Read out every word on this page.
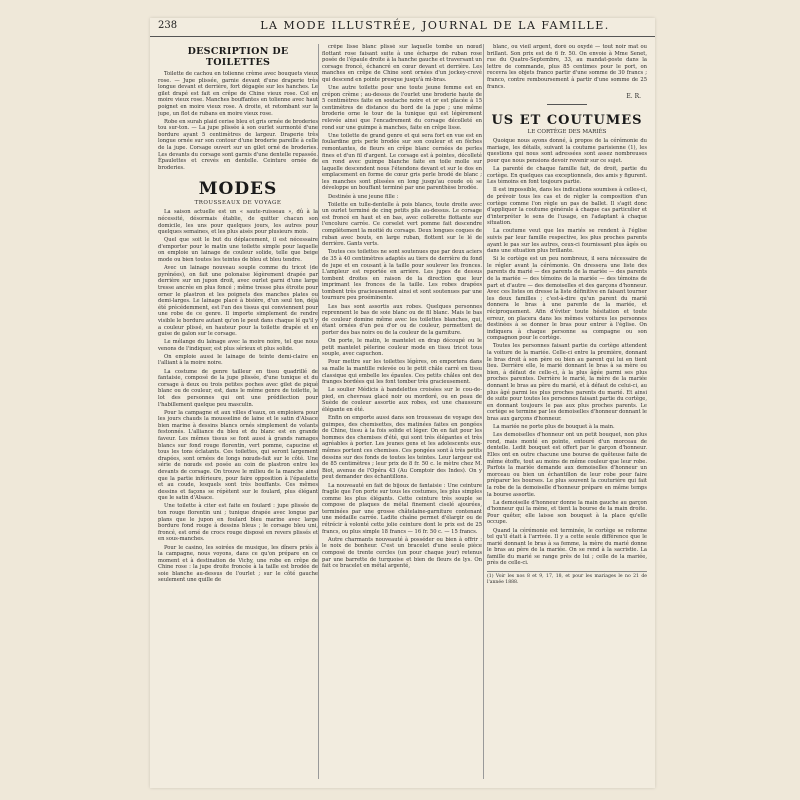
238	LA MODE ILLUSTRÉE, JOURNAL DE LA FAMILLE.
DESCRIPTION DE TOILETTES

Toilette de cachou en tolienne crème avec bouquets vieux rose. — Jupe plissée, garnie devant d'une draperie très longue devant et derrière, fort dégagée sur les hanches. Le gilet drapé est fait en crêpe de Chine vieux rose. Col en moire vieux rose. Manches bouffantes en tolienne avec haut poignet en moire vieux rose. A droite, et retombant sur la jupe, un flot de rubans en moire vieux rose.

Robe en surah plaid cerise bleu et gris ornée de broderies tou sur-ton. — La jupe plissée à son ourlet surmonté d'une bordure ayant 5 centimètres de largeur. Draperie très longue ornée sur son contour d'une broderie pareille à celle de la jupe. Corsage ouvert sur un gilet orné de broderies. Les devants du corsage sont garnis d'une dentelle repassée. Épaulettes et crevés en dentelle. Ceinture ornée de broderies.

MODES
TROUSSEAUX DE VOYAGE

La saison actuelle est un « saute-ruisseau », dû à la nécessité, désormais établie, de quitter chacun son domicile, les uns pour quelques jours, les autres pour quelques semaines, et les plus aisés pour plusieurs mois.

Quel que soit le but du déplacement, il est nécessaire d'emporter pour le matin une toilette simple pour laquelle on emploie un lainage de couleur solide, telle que beige mode ou bien toutes les teintes de bleu et bleu tendre.

Avec un lainage nouveau souple comme du tricot (de pyrénées), on fait une polonaise légèrement drapée par derrière sur un jupon droit, avec ourlet garni d'une large tresse ancrée en plus foncé ; même tresse plus étroite pour orner le plastron et les poignets des manches plates ou demi-larges. Le lainage placé à bisière, d'un seul ton, déjà été précédemment, est l'un des tissus qui conviennent pour une robe de ce genre. Il importe simplement de rendre visible le bordure autant qu'on le peut dans chaque lé qu'il y a couleur plissé, en hauteur pour la toilette drapée et en guise de galon sur le corsage.

Le mélange du lainage avec la moire noire, tel que nous venons de l'indiquer, est plus sérieux et plus solide.

On emploie aussi le lainage de teinte demi-claire en l'alliant à la moire noire.

La costume de genre tailleur en tissu quadrillé de fantaisie, composé de la jupe plissée, d'une tunique et du corsage à deux ou trois petites poches avec gilet de piqué blanc ou de couleur, est, dans le même genre de toilette, le lot des personnes qui ont une prédilection pour l'habillement quelque peu masculin.

Pour la campagne et aux villes d'eaux, on emploiera pour les jours chauds la mousseline de laine et le satin d'Alsace bien marine à dessins blancs ornés simplement de volants festonnés. L'alliance du bleu et du blanc est en grande faveur. Les mêmes tissus se font aussi à grands ramages blancs sur fond rouge florentin, vert pomme, capucine et tous les tons éclatants. Ces toilettes, qui seront largement drapées, sont ornées de longs nœuds-fait sur le côté. Une série de nœuds est posée au coin de plastron entre les devants de corsage. On trouve le milieu de la manche ainsi que la partie inférieure, pour faire opposition à l'épaulette et au coude, lesquels sont très bouffants. Ces mêmes dessins et façons se répètent sur le foulard, plus élégant que le satin d'Alsace.

Une toilette à citer est faite en foulard : jupe plissée de ton rouge florentin uni ; tunique drapée avec longue par plans que le jupon en foulard bleu marine avec large bordure fond rouge à dessins bleus ; le corsage bleu uni, froncé, est orné de crocs rouge disposé en revers plissés et en sous-manches.

Pour le casino, les soirées de musique, les dîners priés à la campagne, nous voyons, dans ce qu'on prépare en ce moment et à destination de Vichy, une robe en crêpe de Chine rose : la jupe droite froncée à la taille est brodée de soie blanche au-dessus de l'ourlet ; sur le côté gauche seulement une quille de

crêpe lisse blanc plissé sur laquelle tombe un nœud flottant rose faisant suite à une écharpe de ruban rose posée de l'épaule droite à la hanche gauche et traversant un corsage froncé, échancré en cœur devant et derrière. Les manches en crêpe de Chine sont ornées d'un jockey-crevé qui descend en pointe presque jusqu'à mi-bras.

Une autre toilette pour une toute jeune femme est en crépon crème ; au-dessus de l'ourlet une broderie haute de 5 centimètres faite en soutache noire et or est placée à 15 centimètres de distance du bord de la jupe ; une même broderie orne le tour de la tunique qui est légèrement relevée ainsi que l'encadrement du corsage décolleté en rond sur une guimpe à manches, faite en crêpe lisse.

Une toilette de grand genre et qui sera fort en vue est en foulardine gris perle brodée sur son couleur et en fèches remontantes, de fleurs en crêpe blanc cernées de perles fines et d'un fil d'argent. Le corsage est à pointes, décolleté en rond avec guimpe blanche faite en toile molle sur laquelle descendent nous l'étendons devant et sur le dos en emplacement en forme de cœur gris perle brodé de blanc ; les manches sont plissées en long jusqu'au coude où se développe un bouffant terminé par une parenthèse brodée.

Destinée à une jeune fille :

Toilette en tulle-dentelle à pois blancs, toute droite avec un ourlet terminé de cinq petits plis au-dessus. Le corsage est froncé en haut et en bas, avec collerette flottante sur l'encolure carrée. Ce corselet vert pomme fait descendre complètement la moitié du corsage. Deux longues coques de ruban avec bouts, en large ruban, flottent sur le lé de derrière. Gants verts.

Toutes ces toilettes ne sont soutenues que par deux aciers de 35 à 40 centimètres adaptés au tiers de derrière du fond de jupe et en cousant à la taille pour soulever les fronces. L'ampleur est reportée en arrière. Les jupes de dessus tombent droites en raison de la direction que leur imprimant les fronces de la taille. Les robes drapées tombent très gracieusement ainsi et sont soutenues par une tournure peu proéminente.

Les bas sont assortis aux robes. Quelques personnes reprennent le bas de soie blanc ou de fil blanc. Mais le bas de couleur domine même avec les toilettes blanches, qui, étant ornées d'un peu d'or ou de couleur, permettent de porter des bas noirs ou de la couleur de la garniture.

On porte, le matin, le mantelet en drap découpé ou le petit mantelet pèlerine couleur mode en tissu tricot tous souple, avec capuchon.

Pour mettre sur les toilettes légères, on emportera dans sa malle la mantille relevée ou le petit châle carré en tissu classique qui embelle les épaules. Ces petits châles ont des franges bordées qui les font tomber très gracieusement.

Le soulier Médicis à bandelettes croisées sur le cou-de-pied, en chevreau glacé noir ou mordoré, ou en peau de Suède de couleur assortie aux robes, est une chaussure élégante en été.

Enfin on emporte aussi dans son trousseau de voyage des guimpes, des chemisettes, des matinées faites en pongées de Chine, tissu à la fois solide et léger. On en fait pour les hommes des chemises d'été, qui sont très élégantes et très agréables à porter. Les jeunes gens et les adolescents eux-mêmes portent ces chemises. Ces pongées sont à très petits dessins sur des fonds de toutes les teintes. Leur largeur est de 85 centimètres ; leur prix de 8 fr. 50 c. le mètre chez M. Biot, avenue de l'Opéra 43 (Au Comptoir des Indes). On y peut demander des échantillons.

La nouveauté en fait de bijoux de fantaisie : Une ceinture fragile que l'on porte sur tous les costumes, les plus simples comme les plus élégants. Cette ceinture très souple se compose de plaques de métal finement ciselé ajourées, terminées par une grosse châtelaine-garniture contenant une médaille carrée. Ladite chaîne permet d'élargir ou de rétrécir à volonté cette jolie ceinture dont le prix est de 25 francs, ou plus simple 18 francs — 16 fr. 50 c. — 15 francs.

Autre charmants nouveauté à posséder ou bien à offrir : le noix de bonheur. C'est un bracelet d'une seule pièce composé de trente cercles (un pour chaque jour) retenus par une barrette de turquoise et bien de fleurs de lys. On fait ce bracelet en métal argenté,

blanc, ou vieil argent, doré ou oxydé — tout noir mat ou brillant. Son prix est de 6 fr. 50. On envoie à Mme Senet, rue du Quatre-Septembre, 33, au mandat-poste dans la lettre de commande, plus 85 centimes pour le port, on recevra les objets franco partir d'une somme de 30 francs ; franco, contre remboursement à partir d'une somme de 25 francs.

E. R.
US ET COUTUMES
LE CORTÈGE DES MARIÉS

Quoique nous ayons donné, à propos de la cérémonie du mariage, les détails, suivant la coutume parisienne (1), les questions qui nous sont adressées sont assez nombreuses pour que nous pensions devoir revenir sur ce sujet.

La parenté de chaque famille fait, de droit, partie du cortège. En quelques cas exceptionnels, des amis y figurent. Les témoins en font toujours partie.

Il est impossible, dans les indications soumises à celles-ci, de prévoir tous les cas et de régler la composition d'un cortège comme l'on règle un pas de ballet. Il s'agit donc d'appliquer la coutume générale à chaque cas particulier et d'interpréter le sens de l'usage, en l'adaptant à chaque situation.

La coutume veut que les mariés se rendent à l'église suivis par leur famille respective, les plus proches parents ayant le pas sur les autres, ceux-ci fournissant plus âgés ou dans une situation plus brillante.

Si le cortège est un peu nombreux, il sera nécessaire de le régler avant la cérémonie. On dressera une liste des parents du marié — des parents de la mariée — des parents de la mariée — des témoins de la mariée — des témoins de part et d'autre — des demoiselles et des garçons d'honneur. Avec ces listes on dresse la liste définitive en faisant tourner les deux familles ; c'est-à-dire qu'un parent du marié donnera le bras à une parente de la mariée, et réciproquement. Afin d'éviter toute hésitation et toute erreur, on placera dans les mêmes voitures les personnes destinées à se donner le bras pour entrer à l'église. On indiquera à chaque personne sa compagne ou son compagnon pour le cortège.

Toutes les personnes faisant partie du cortège attendent la voiture de la mariée. Celle-ci entre la première, donnant le bras droit à son père ou bien au parent qui lui en tient lieu. Derrière elle, le marié donnant le bras à sa mère ou bien, à défaut de celle-ci, à la plus âgée parmi ses plus proches parentes. Derrière le marié, la mère de la mariée donnant le bras au père du marié, et à défaut de celui-ci, au plus âgé parmi les plus proches parents du marié. Et ainsi de suite pour toutes les personnes faisant partie du cortège, en donnant toujours le pas aux plus proches parents. Le cortège se termine par les demoiselles d'honneur donnant le bras aux garçons d'honneur.

La mariée ne porte plus de bouquet à la main.

Les demoiselles d'honneur ont un petit bouquet, non plus rond, mais monté en pointe, entouré d'un morceau de dentelle. Ledit bouquet est offert par le garçon d'honneur. Elles ont en outre chacune une bourse de quêteuse faite de même étoffe, tout au moins de même couleur que leur robe. Parfois la mariée demande aux demoiselles d'honneur un morceau ou bien un échantillon de leur robe pour faire préparer les bourses. Le plus souvent la couturière qui fait la robe de la demoiselle d'honneur prépare en même temps la bourse assortie.

La demoiselle d'honneur donne la main gauche au garçon d'honneur qui la mène, et tient la bourse de la main droite. Pour quêter, elle laisse son bouquet à la place qu'elle occupe.

Quand la cérémonie est terminée, le cortège se reforme tel qu'il était à l'arrivée. Il y a cette seule différence que le marié donnant le bras à sa femme, la mère du marié donne le bras au père de la mariée. On se rend à la sacristie. La famille du marié se range près de lui ; celle de la mariée, près de celle-ci.

(1) Voir les nos 8 et 9, 17, 18, et pour les mariages le no 21 de l'année 1888.
